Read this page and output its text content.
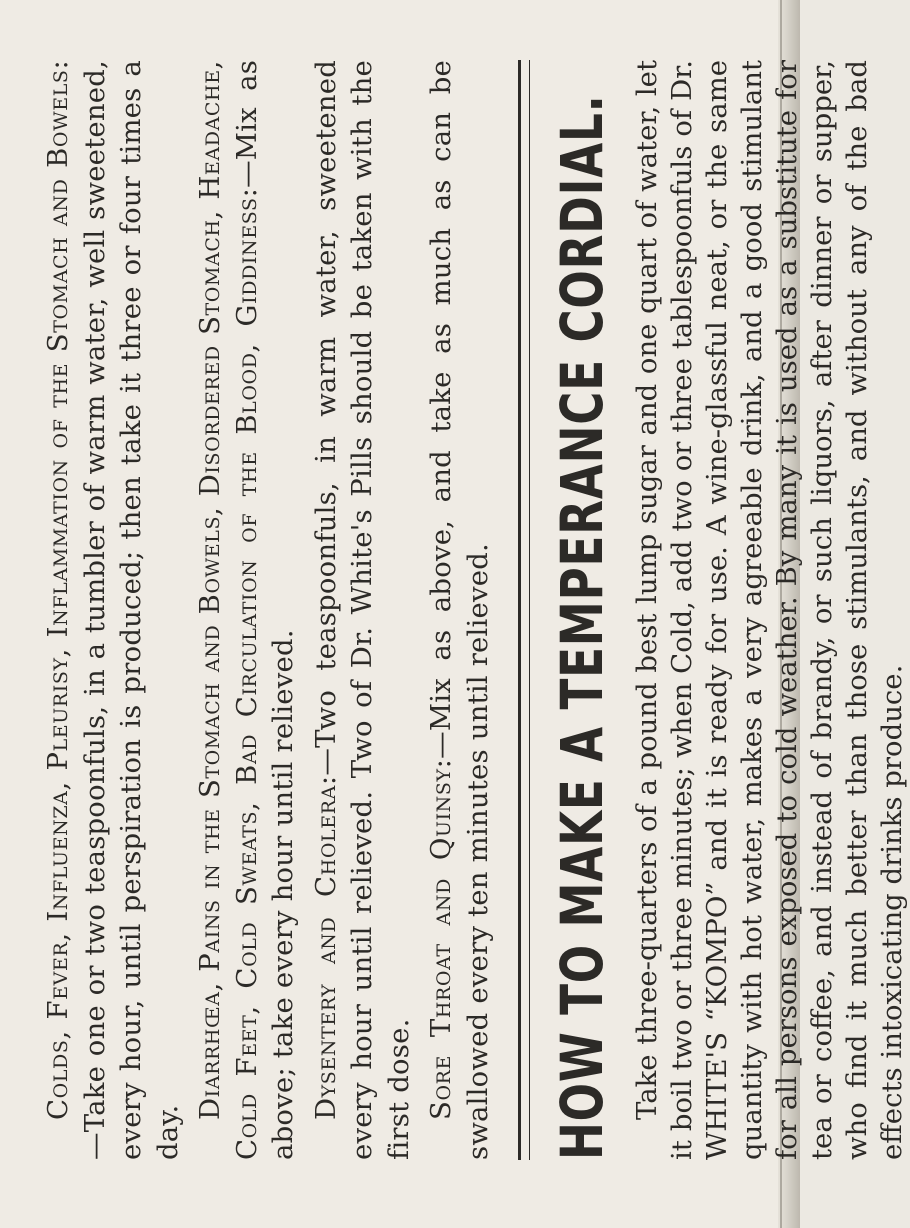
Colds, Fever, Influenza, Pleurisy, Inflammation of the Stomach and Bowels:—Take one or two teaspoonfuls, in a tumbler of warm water, well sweetened, every hour, until perspiration is produced; then take it three or four times a day.

Diarrhœa, Pains in the Stomach and Bowels, Disordered Stomach, Headache, Cold Feet, Cold Sweats, Bad Circulation of the Blood, Giddiness:—Mix as above; take every hour until relieved. Dysentery and Cholera:—Two teaspoonfuls, in warm water, sweetened every hour until relieved. Two of Dr. White's Pills should be taken with the first dose. Sore Throat and Quinsy:—Mix as above, and take as much as can be swallowed every ten minutes until relieved. HOW TO MAKE A TEMPERANCE CORDIAL. Take three-quarters of a pound best lump sugar and one quart of water, let it boil two or three minutes; when Cold, add two or three tablespoonfuls of Dr. WHITE'S “KOMPO” and it is ready for use. A wine-glassful neat, or the same quantity with hot water, makes a very agreeable drink, and a good stimulant for all persons exposed to cold weather. By many it is used as a substitute for tea or coffee, and instead of brandy, or such liquors, after dinner or supper, who find it much better than those stimulants, and without any of the bad effects intoxicating drinks produce.
